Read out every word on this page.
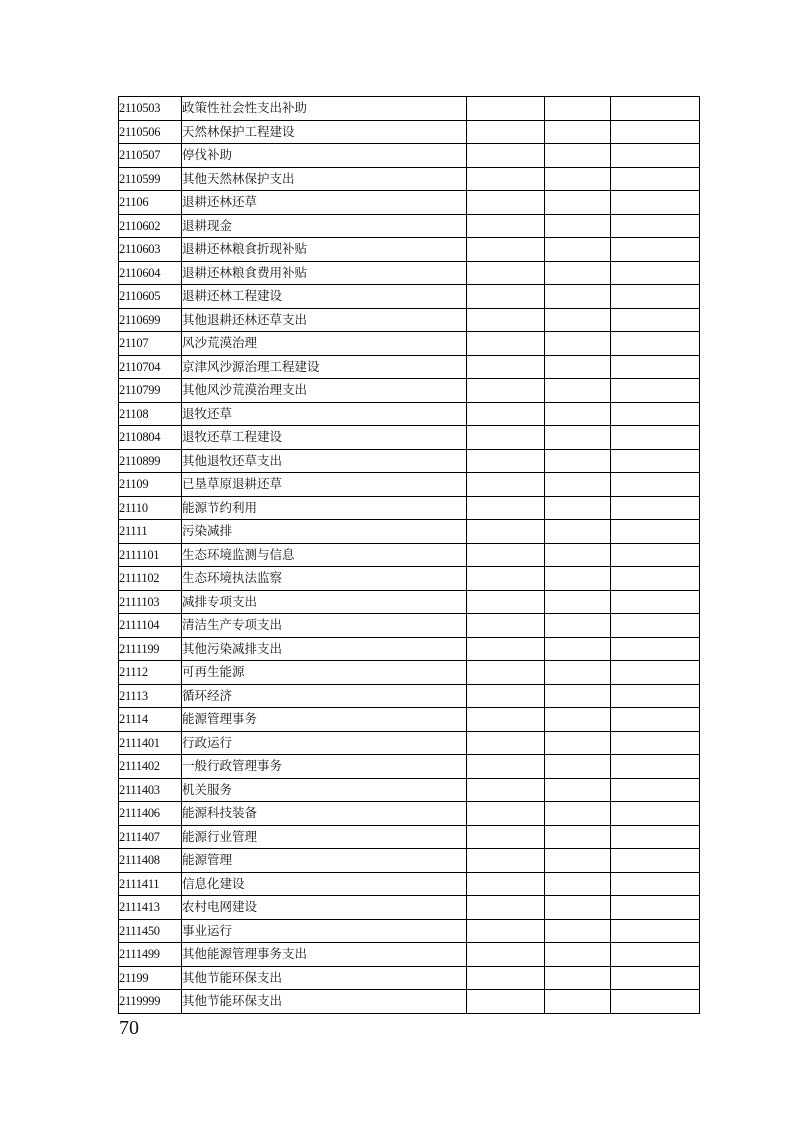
2110503	政策性社会性支出补助			
2110506	天然林保护工程建设			
2110507	停伐补助			
2110599	其他天然林保护支出			
21106	退耕还林还草			
2110602	退耕现金			
2110603	退耕还林粮食折现补贴			
2110604	退耕还林粮食费用补贴			
2110605	退耕还林工程建设			
2110699	其他退耕还林还草支出			
21107	风沙荒漠治理			
2110704	京津风沙源治理工程建设			
2110799	其他风沙荒漠治理支出			
21108	退牧还草			
2110804	退牧还草工程建设			
2110899	其他退牧还草支出			
21109	已垦草原退耕还草			
21110	能源节约利用			
21111	污染减排			
2111101	生态环境监测与信息			
2111102	生态环境执法监察			
2111103	减排专项支出			
2111104	清洁生产专项支出			
2111199	其他污染减排支出			
21112	可再生能源			
21113	循环经济			
21114	能源管理事务			
2111401	行政运行			
2111402	一般行政管理事务			
2111403	机关服务			
2111406	能源科技装备			
2111407	能源行业管理			
2111408	能源管理			
2111411	信息化建设			
2111413	农村电网建设			
2111450	事业运行			
2111499	其他能源管理事务支出			
21199	其他节能环保支出			
2119999	其他节能环保支出			

70
